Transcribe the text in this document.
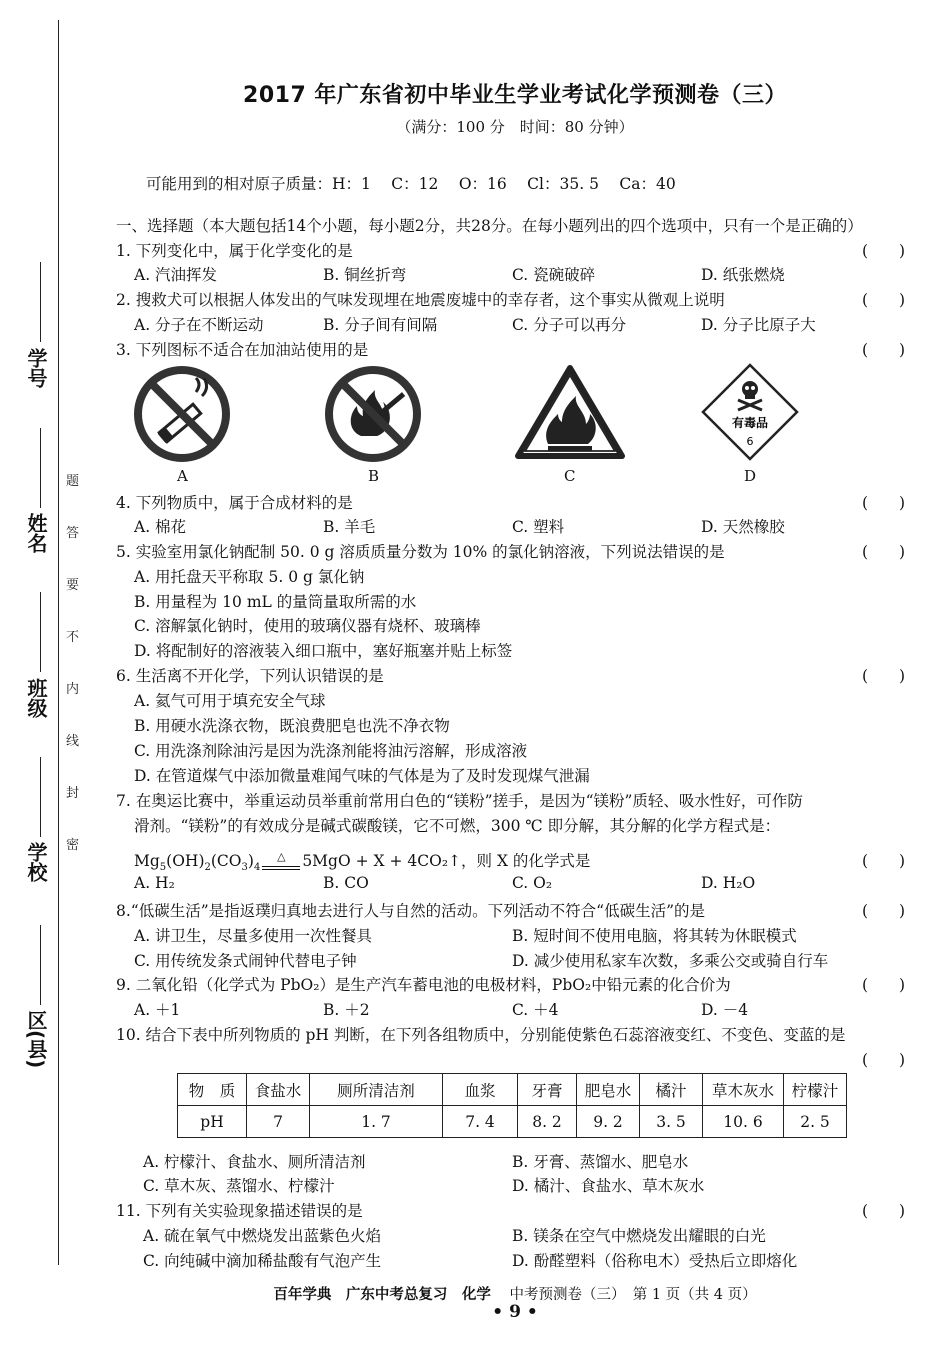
学号
姓名
班级
学校
区(县)
题
答
要
不
内
线
封
密
2017 年广东省初中毕业生学业考试化学预测卷（三）
（满分：100 分　时间：80 分钟）
可能用到的相对原子质量：H：1　 C：12　 O：16　 Cl：35. 5　 Ca：40
一、选择题（本大题包括14个小题，每小题2分，共28分。在每小题列出的四个选项中，只有一个是正确的）
1. 下列变化中，属于化学变化的是	(　　)
A. 汽油挥发	B. 铜丝折弯	C. 瓷碗破碎	D. 纸张燃烧
2. 搜救犬可以根据人体发出的气味发现埋在地震废墟中的幸存者，这个事实从微观上说明	(　　)
A. 分子在不断运动	B. 分子间有间隔	C. 分子可以再分	D. 分子比原子大
3. 下列图标不适合在加油站使用的是	(　　)
有毒品
6
A	B	C	D
4. 下列物质中，属于合成材料的是	(　　)
A. 棉花	B. 羊毛	C. 塑料	D. 天然橡胶
5. 实验室用氯化钠配制 50. 0 g 溶质质量分数为 10% 的氯化钠溶液，下列说法错误的是	(　　)
A. 用托盘天平称取 5. 0 g 氯化钠
B. 用量程为 10 mL 的量筒量取所需的水
C. 溶解氯化钠时，使用的玻璃仪器有烧杯、玻璃棒
D. 将配制好的溶液装入细口瓶中，塞好瓶塞并贴上标签
6. 生活离不开化学，下列认识错误的是	(　　)
A. 氦气可用于填充安全气球
B. 用硬水洗涤衣物，既浪费肥皂也洗不净衣物
C. 用洗涤剂除油污是因为洗涤剂能将油污溶解，形成溶液
D. 在管道煤气中添加微量难闻气味的气体是为了及时发现煤气泄漏
7. 在奥运比赛中，举重运动员举重前常用白色的“镁粉”搓手，是因为“镁粉”质轻、吸水性好，可作防
滑剂。“镁粉”的有效成分是碱式碳酸镁，它不可燃，300 ℃ 即分解，其分解的化学方程式是：
$Mg_5(OH)_2(CO_3)_4\triangle$ 5MgO + X + 4CO₂↑，则 X 的化学式是	(　　)
A. H₂	B. CO	C. O₂	D. H₂O
8.“低碳生活”是指返璞归真地去进行人与自然的活动。下列活动不符合“低碳生活”的是	(　　)
A. 讲卫生，尽量多使用一次性餐具	B. 短时间不使用电脑，将其转为休眠模式
C. 用传统发条式闹钟代替电子钟	D. 减少使用私家车次数，多乘公交或骑自行车
9. 二氧化铅（化学式为 PbO₂）是生产汽车蓄电池的电极材料，PbO₂中铅元素的化合价为	(　　)
A. ＋1	B. ＋2	C. ＋4	D. －4
10. 结合下表中所列物质的 pH 判断，在下列各组物质中，分别能使紫色石蕊溶液变红、不变色、变蓝的是
(　　)
物　质	食盐水	厕所清洁剂	血浆	牙膏	肥皂水	橘汁	草木灰水	柠檬汁
pH	7	1. 7	7. 4	8. 2	9. 2	3. 5	10. 6	2. 5
A. 柠檬汁、食盐水、厕所清洁剂	B. 牙膏、蒸馏水、肥皂水
C. 草木灰、蒸馏水、柠檬汁	D. 橘汁、食盐水、草木灰水
11. 下列有关实验现象描述错误的是	(　　)
A. 硫在氧气中燃烧发出蓝紫色火焰	B. 镁条在空气中燃烧发出耀眼的白光
C. 向纯碱中滴加稀盐酸有气泡产生	D. 酚醛塑料（俗称电木）受热后立即熔化
百年学典　广东中考总复习　化学 中考预测卷（三）　第 1 页（共 4 页）
• 9 •
